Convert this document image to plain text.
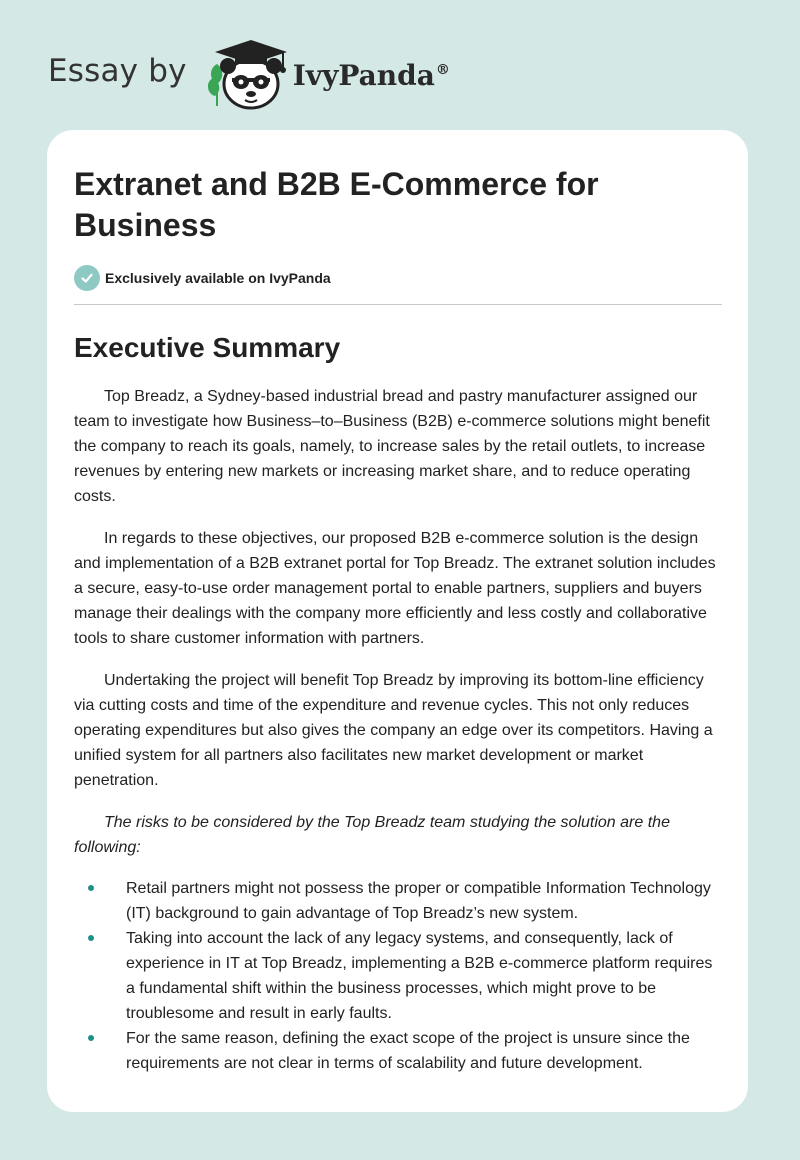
Essay by	IvyPanda®
Extranet and B2B E-Commerce for Business
Exclusively available on IvyPanda
Executive Summary

Top Breadz, a Sydney-based industrial bread and pastry manufacturer assigned our team to investigate how Business–to–Business (B2B) e-commerce solutions might benefit the company to reach its goals, namely, to increase sales by the retail outlets, to increase revenues by entering new markets or increasing market share, and to reduce operating costs.

In regards to these objectives, our proposed B2B e-commerce solution is the design and implementation of a B2B extranet portal for Top Breadz. The extranet solution includes a secure, easy-to-use order management portal to enable partners, suppliers and buyers manage their dealings with the company more efficiently and less costly and collaborative tools to share customer information with partners.

Undertaking the project will benefit Top Breadz by improving its bottom-line efficiency via cutting costs and time of the expenditure and revenue cycles. This not only reduces operating expenditures but also gives the company an edge over its competitors. Having a unified system for all partners also facilitates new market development or market penetration.

The risks to be considered by the Top Breadz team studying the solution are the following:

Retail partners might not possess the proper or compatible Information Technology (IT) background to gain advantage of Top Breadz’s new system.
Taking into account the lack of any legacy systems, and consequently, lack of experience in IT at Top Breadz, implementing a B2B e-commerce platform requires a fundamental shift within the business processes, which might prove to be troublesome and result in early faults.
For the same reason, defining the exact scope of the project is unsure since the requirements are not clear in terms of scalability and future development.
